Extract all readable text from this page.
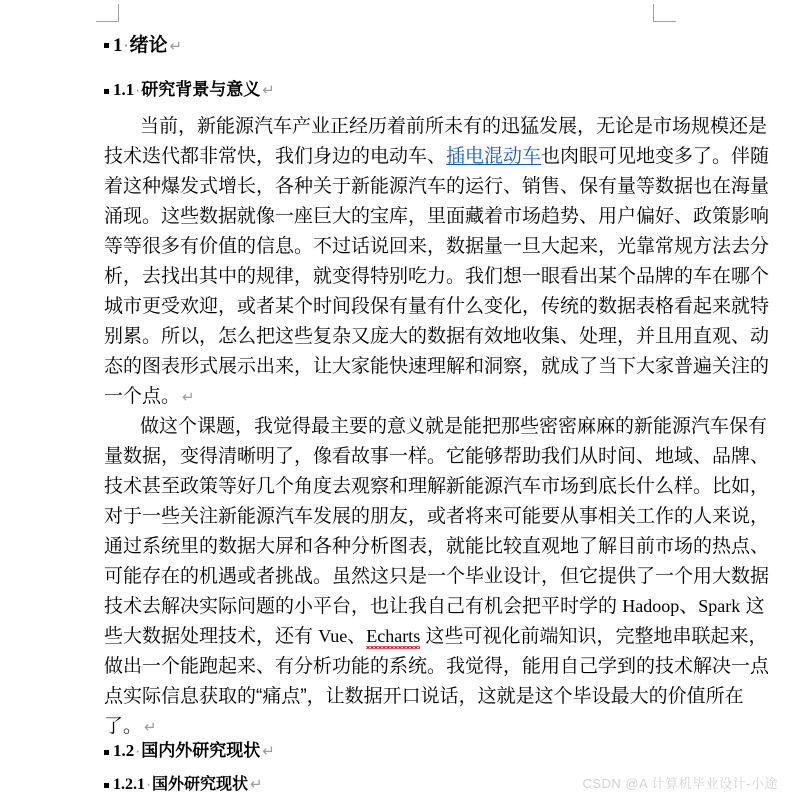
1 · 绪论 ↵
1.1 · 研究背景与意义 ↵
当前，新能源汽车产业正经历着前所未有的迅猛发展，无论是市场规模还是
技术迭代都非常快，我们身边的电动车、插电混动车也肉眼可见地变多了。伴随
着这种爆发式增长，各种关于新能源汽车的运行、销售、保有量等数据也在海量
涌现。这些数据就像一座巨大的宝库，里面藏着市场趋势、用户偏好、政策影响
等等很多有价值的信息。不过话说回来，数据量一旦大起来，光靠常规方法去分
析，去找出其中的规律，就变得特别吃力。我们想一眼看出某个品牌的车在哪个
城市更受欢迎，或者某个时间段保有量有什么变化，传统的数据表格看起来就特
别累。所以，怎么把这些复杂又庞大的数据有效地收集、处理，并且用直观、动
态的图表形式展示出来，让大家能快速理解和洞察，就成了当下大家普遍关注的
一个点。 ↵
做这个课题，我觉得最主要的意义就是能把那些密密麻麻的新能源汽车保有
量数据，变得清晰明了，像看故事一样。它能够帮助我们从时间、地域、品牌、
技术甚至政策等好几个角度去观察和理解新能源汽车市场到底长什么样。比如，
对于一些关注新能源汽车发展的朋友，或者将来可能要从事相关工作的人来说，
通过系统里的数据大屏和各种分析图表，就能比较直观地了解目前市场的热点、
可能存在的机遇或者挑战。虽然这只是一个毕业设计，但它提供了一个用大数据
技术去解决实际问题的小平台，也让我自己有机会把平时学的 Hadoop、Spark 这
些大数据处理技术，还有 Vue、Echarts
这些可视化前端知识，完整地串联起来，
做出一个能跑起来、有分析功能的系统。我觉得，能用自己学到的技术解决一点
点实际信息获取的“痛点”，让数据开口说话，这就是这个毕设最大的价值所在
了。 ↵
1.2 · 国内外研究现状 ↵
1.2.1 · 国外研究现状 ↵	CSDN @A 计算机毕业设计-小途
